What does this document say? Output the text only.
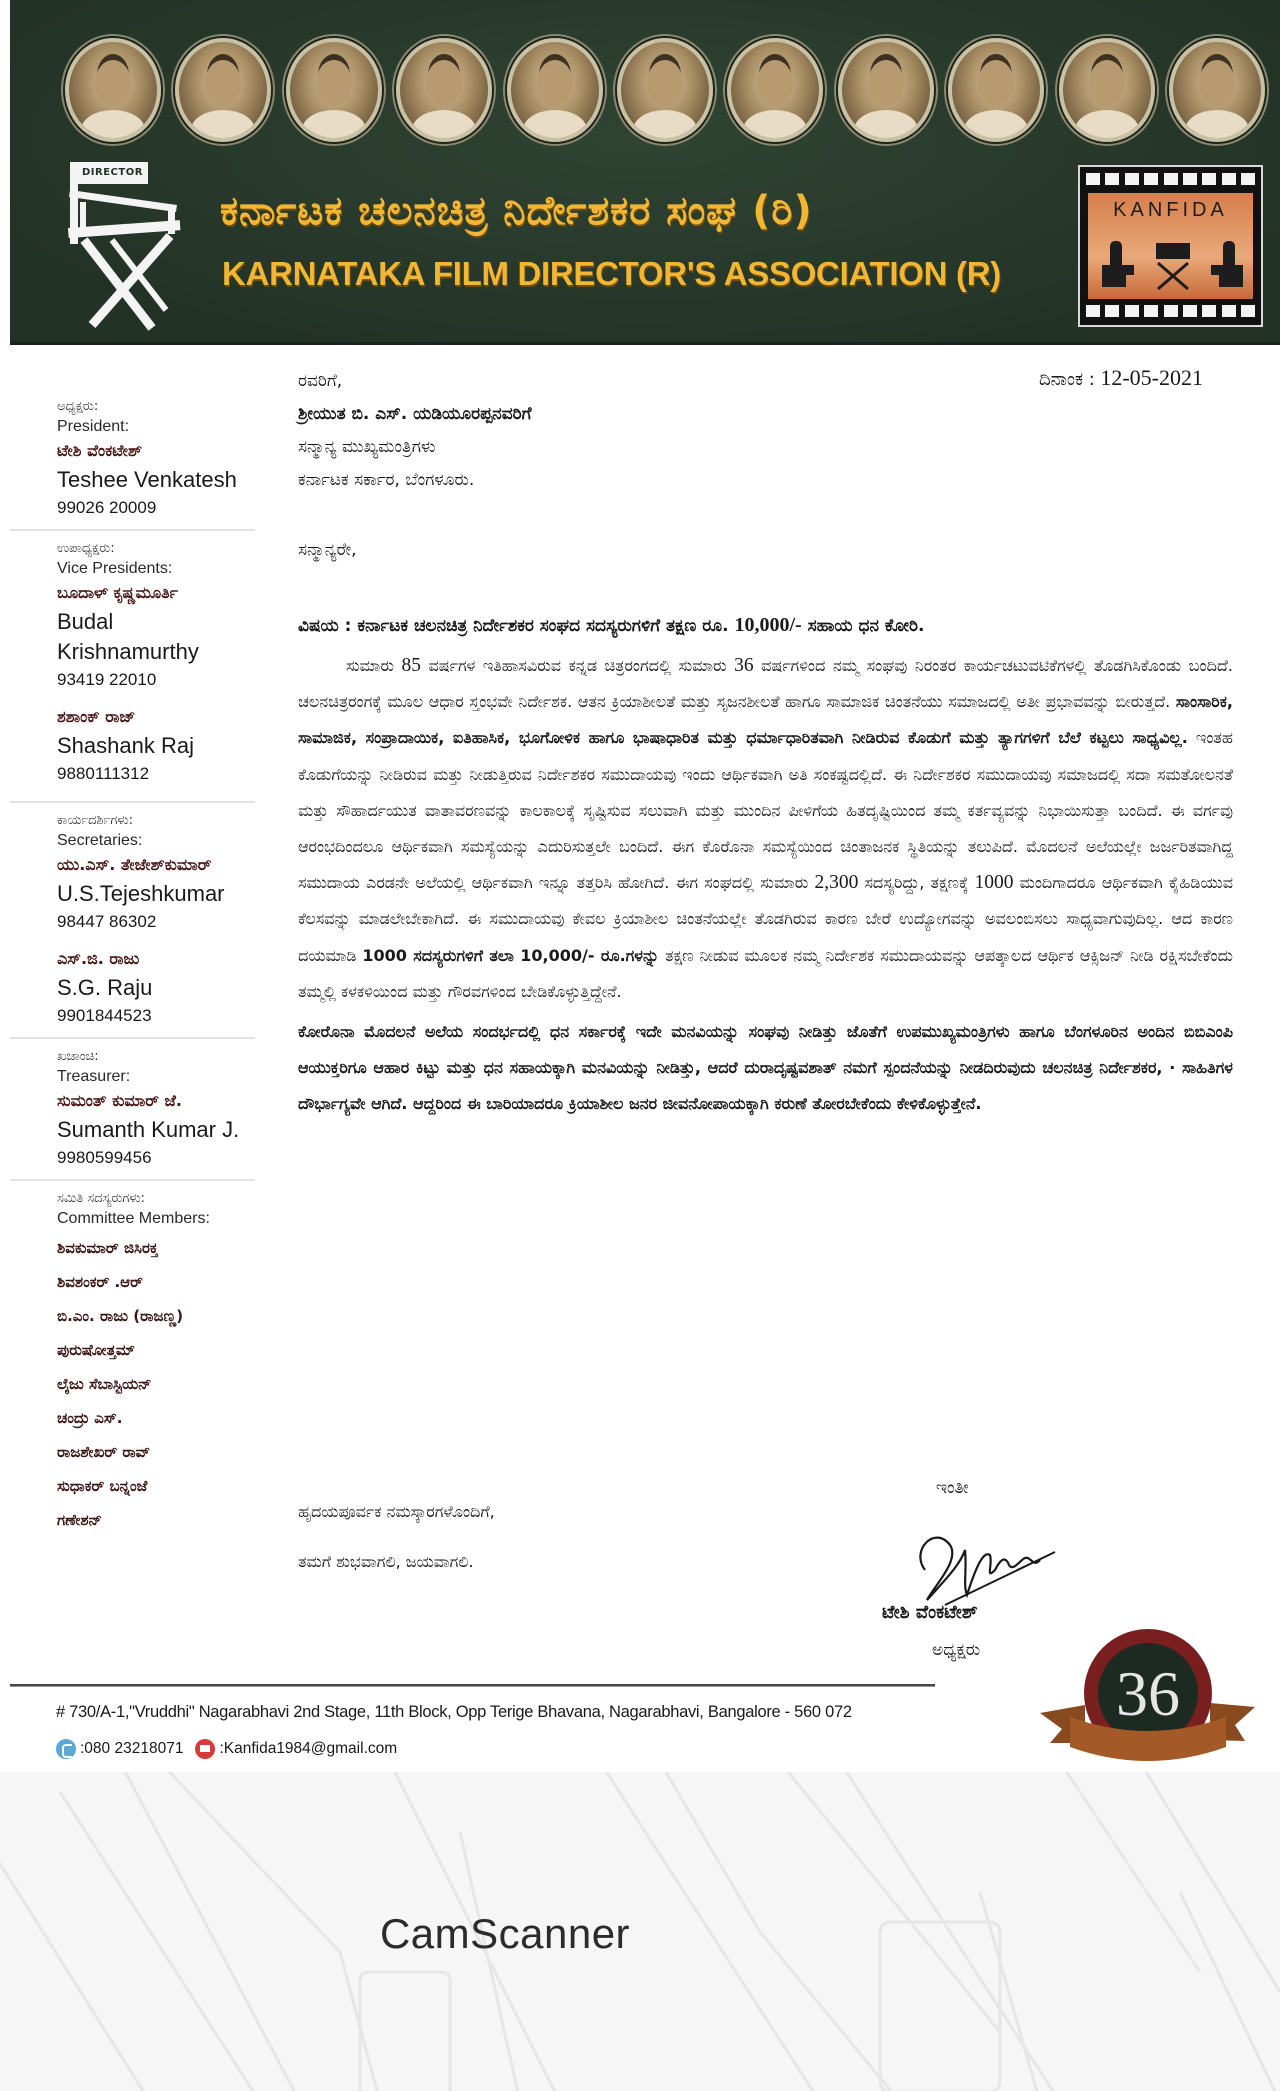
DIRECTOR
ಕರ್ನಾಟಕ ಚಲನಚಿತ್ರ ನಿರ್ದೇಶಕರ ಸಂಘ (ರಿ)
KARNATAKA FILM DIRECTOR'S ASSOCIATION (R)
KANFIDA
ಅಧ್ಯಕ್ಷರು:
President:
ಟೇಶಿ ವೆಂಕಟೇಶ್
Teshee Venkatesh
99026 20009
ಉಪಾಧ್ಯಕ್ಷರು:
Vice Presidents:
ಬೂದಾಳ್ ಕೃಷ್ಣಮೂರ್ತಿ
Budal Krishnamurthy
93419 22010
ಶಶಾಂಕ್ ರಾಜ್
Shashank Raj
9880111312
ಕಾರ್ಯದರ್ಶಿಗಳು:
Secretaries:
ಯು.ಎಸ್. ತೇಜೇಶ್‌ಕುಮಾರ್
U.S.Tejeshkumar
98447 86302
ಎಸ್.ಜಿ. ರಾಜು
S.G. Raju
9901844523
ಖಜಾಂಚಿ:
Treasurer:
ಸುಮಂತ್ ಕುಮಾರ್ ಜೆ.
Sumanth Kumar J.
9980599456
ಸಮಿತಿ ಸದಸ್ಯರುಗಳು:
Committee Members:
ಶಿವಕುಮಾರ್ ಜಿಸಿರಕ್ತ
ಶಿವಶಂಕರ್ .ಆರ್
ಬಿ.ಎಂ. ರಾಜು (ರಾಜಣ್ಣ)
ಪುರುಷೋತ್ತಮ್
ಲೈಜು ಸೆಬಾಸ್ಟಿಯನ್
ಚಂದ್ರು ಎಸ್.
ರಾಜಶೇಖರ್ ರಾವ್
ಸುಧಾಕರ್ ಬನ್ನಂಜೆ
ಗಣೇಶನ್
ದಿನಾಂಕ : 12-05-2021
ರವರಿಗೆ,
ಶ್ರೀಯುತ ಬಿ. ಎಸ್. ಯಡಿಯೂರಪ್ಪನವರಿಗೆ
ಸನ್ಮಾನ್ಯ ಮುಖ್ಯಮಂತ್ರಿಗಳು
ಕರ್ನಾಟಕ ಸರ್ಕಾರ, ಬೆಂಗಳೂರು.
ಸನ್ಮಾನ್ಯರೇ,
ವಿಷಯ : ಕರ್ನಾಟಕ ಚಲನಚಿತ್ರ ನಿರ್ದೇಶಕರ ಸಂಘದ ಸದಸ್ಯರುಗಳಿಗೆ ತಕ್ಷಣ ರೂ. 10,000/- ಸಹಾಯ ಧನ ಕೋರಿ.
ಸುಮಾರು 85 ವರ್ಷಗಳ ಇತಿಹಾಸವಿರುವ ಕನ್ನಡ ಚಿತ್ರರಂಗದಲ್ಲಿ ಸುಮಾರು 36 ವರ್ಷಗಳಿಂದ ನಮ್ಮ ಸಂಘವು ನಿರಂತರ ಕಾರ್ಯಚಟುವಟಿಕೆಗಳಲ್ಲಿ ತೊಡಗಿಸಿಕೊಂಡು ಬಂದಿದೆ. ಚಲನಚಿತ್ರರಂಗಕ್ಕೆ ಮೂಲ ಆಧಾರ ಸ್ತಂಭವೇ ನಿರ್ದೇಶಕ. ಆತನ ಕ್ರಿಯಾಶೀಲತೆ ಮತ್ತು ಸೃಜನಶೀಲತೆ ಹಾಗೂ ಸಾಮಾಜಿಕ ಚಿಂತನೆಯು ಸಮಾಜದಲ್ಲಿ ಅತೀ ಪ್ರಭಾವವನ್ನು ಬೀರುತ್ತದೆ. ಸಾಂಸಾರಿಕ, ಸಾಮಾಜಿಕ, ಸಂಪ್ರಾದಾಯಿಕ, ಐತಿಹಾಸಿಕ, ಭೂಗೋಳಿಕ ಹಾಗೂ ಭಾಷಾಧಾರಿತ ಮತ್ತು ಧರ್ಮಾಧಾರಿತವಾಗಿ ನೀಡಿರುವ ಕೊಡುಗೆ ಮತ್ತು ತ್ಯಾಗಗಳಿಗೆ ಬೆಲೆ ಕಟ್ಟಲು ಸಾಧ್ಯವಿಲ್ಲ. ಇಂತಹ ಕೊಡುಗೆಯನ್ನು ನೀಡಿರುವ ಮತ್ತು ನೀಡುತ್ತಿರುವ ನಿರ್ದೇಶಕರ ಸಮುದಾಯವು ಇಂದು ಆರ್ಥಿಕವಾಗಿ ಅತಿ ಸಂಕಷ್ಟದಲ್ಲಿದೆ. ಈ ನಿರ್ದೇಶಕರ ಸಮುದಾಯವು ಸಮಾಜದಲ್ಲಿ ಸದಾ ಸಮತೋಲನತೆ ಮತ್ತು ಸೌಹಾರ್ದಯುತ ವಾತಾವರಣವನ್ನು ಕಾಲಕಾಲಕ್ಕೆ ಸೃಷ್ಟಿಸುವ ಸಲುವಾಗಿ ಮತ್ತು ಮುಂದಿನ ಪೀಳಿಗೆಯ ಹಿತದೃಷ್ಟಿಯಿಂದ ತಮ್ಮ ಕರ್ತವ್ಯವನ್ನು ನಿಭಾಯಿಸುತ್ತಾ ಬಂದಿದೆ. ಈ ವರ್ಗವು ಆರಂಭದಿಂದಲೂ ಆರ್ಥಿಕವಾಗಿ ಸಮಸ್ಯೆಯನ್ನು ಎದುರಿಸುತ್ತಲೇ ಬಂದಿದೆ. ಈಗ ಕೊರೊನಾ ಸಮಸ್ಯೆಯಿಂದ ಚಿಂತಾಜನಕ ಸ್ಥಿತಿಯನ್ನು ತಲುಪಿದೆ. ಮೊದಲನೆ ಅಲೆಯಲ್ಲೇ ಜರ್ಜರಿತವಾಗಿದ್ದ ಸಮುದಾಯ ಎರಡನೇ ಅಲೆಯಲ್ಲಿ ಆರ್ಥಿಕವಾಗಿ ಇನ್ನೂ ತತ್ತರಿಸಿ ಹೋಗಿದೆ. ಈಗ ಸಂಘದಲ್ಲಿ ಸುಮಾರು 2,300 ಸದಸ್ಯರಿದ್ದು, ತಕ್ಷಣಕ್ಕೆ 1000 ಮಂದಿಗಾದರೂ ಆರ್ಥಿಕವಾಗಿ ಕೈಹಿಡಿಯುವ ಕೆಲಸವನ್ನು ಮಾಡಲೇಬೇಕಾಗಿದೆ. ಈ ಸಮುದಾಯವು ಕೇವಲ ಕ್ರಿಯಾಶೀಲ ಚಿಂತನೆಯಲ್ಲೇ ತೊಡಗಿರುವ ಕಾರಣ ಬೇರೆ ಉದ್ಯೋಗವನ್ನು ಅವಲಂಬಿಸಲು ಸಾಧ್ಯವಾಗುವುದಿಲ್ಲ. ಆದ ಕಾರಣ ದಯಮಾಡಿ 1000 ಸದಸ್ಯರುಗಳಿಗೆ ತಲಾ 10,000/- ರೂ.ಗಳನ್ನು ತಕ್ಷಣ ನೀಡುವ ಮೂಲಕ ನಮ್ಮ ನಿರ್ದೇಶಕ ಸಮುದಾಯವನ್ನು ಆಪತ್ಕಾಲದ ಆರ್ಥಿಕ ಆಕ್ಸಿಜನ್ ನೀಡಿ ರಕ್ಷಿಸಬೇಕೆಂದು ತಮ್ಮಲ್ಲಿ ಕಳಕಳಿಯಿಂದ ಮತ್ತು ಗೌರವಗಳಿಂದ ಬೇಡಿಕೊಳ್ಳುತ್ತಿದ್ದೇನೆ.
ಕೋರೊನಾ ಮೊದಲನೆ ಅಲೆಯ ಸಂದರ್ಭದಲ್ಲಿ ಧನ ಸರ್ಕಾರಕ್ಕೆ ಇದೇ ಮನವಿಯನ್ನು ಸಂಘವು ನೀಡಿತ್ತು ಜೊತೆಗೆ ಉಪಮುಖ್ಯಮಂತ್ರಿಗಳು ಹಾಗೂ ಬೆಂಗಳೂರಿನ ಅಂದಿನ ಬಿಬಿಎಂಪಿ ಆಯುಕ್ತರಿಗೂ ಆಹಾರ ಕಿಟ್ಟು ಮತ್ತು ಧನ ಸಹಾಯಕ್ಕಾಗಿ ಮನವಿಯನ್ನು ನೀಡಿತ್ತು, ಆದರೆ ದುರಾದೃಷ್ಟವಶಾತ್ ನಮಗೆ ಸ್ಪಂದನೆಯನ್ನು ನೀಡದಿರುವುದು ಚಲನಚಿತ್ರ ನಿರ್ದೇಶಕರ, · ಸಾಹಿತಿಗಳ ದೌರ್ಭಾಗ್ಯವೇ ಆಗಿದೆ. ಆದ್ದರಿಂದ ಈ ಬಾರಿಯಾದರೂ ಕ್ರಿಯಾಶೀಲ ಜನರ ಜೀವನೋಪಾಯಕ್ಕಾಗಿ ಕರುಣೆ ತೋರಬೇಕೆಂದು ಕೇಳಿಕೊಳ್ಳುತ್ತೇನೆ.
ಹೃದಯಪೂರ್ವಕ ನಮಸ್ಕಾರಗಳೊಂದಿಗೆ,
ತಮಗೆ ಶುಭವಾಗಲಿ, ಜಯವಾಗಲಿ.
ಇಂತೀ
ಟೇಶಿ ವೆಂಕಟೇಶ್
ಅಧ್ಯಕ್ಷರು
# 730/A-1,"Vruddhi" Nagarabhavi 2nd Stage, 11th Block, Opp Terige Bhavana, Nagarabhavi, Bangalore - 560 072
:080 23218071 :Kanfida1984@gmail.com
36
CamScanner
